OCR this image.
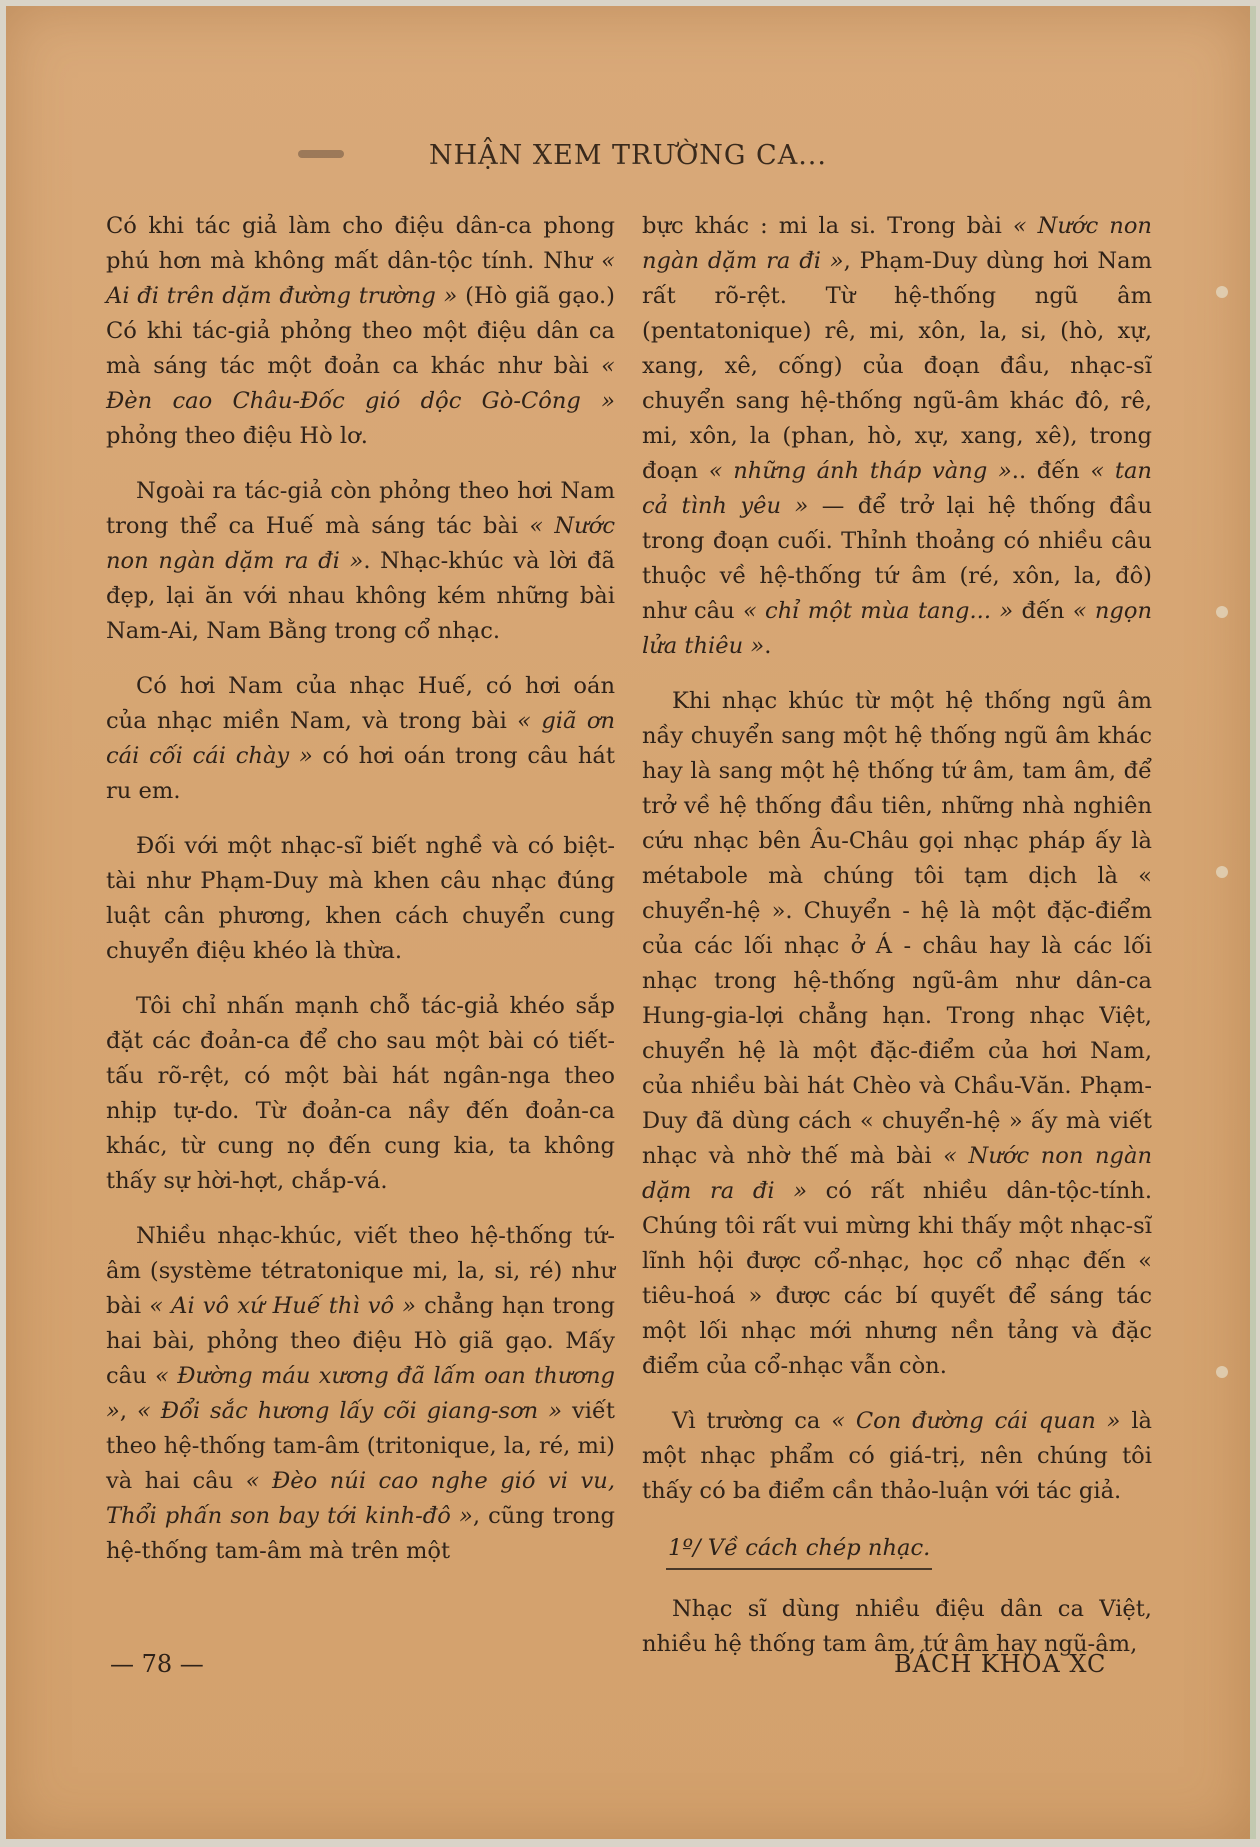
NHẬN XEM TRƯỜNG CA...

Có khi tác giả làm cho điệu dân-ca phong phú hơn mà không mất dân-tộc tính. Như « Ai đi trên dặm đường trường » (Hò giã gạo.) Có khi tác-giả phỏng theo một điệu dân ca mà sáng tác một đoản ca khác như bài « Đèn cao Châu-Đốc gió dộc Gò-Công » phỏng theo điệu Hò lơ.

Ngoài ra tác-giả còn phỏng theo hơi Nam trong thể ca Huế mà sáng tác bài « Nước non ngàn dặm ra đi ». Nhạc-khúc và lời đã đẹp, lại ăn với nhau không kém những bài Nam-Ai, Nam Bằng trong cổ nhạc.

Có hơi Nam của nhạc Huế, có hơi oán của nhạc miền Nam, và trong bài « giã ơn cái cối cái chày » có hơi oán trong câu hát ru em.

Đối với một nhạc-sĩ biết nghề và có biệt-tài như Phạm-Duy mà khen câu nhạc đúng luật cân phương, khen cách chuyển cung chuyển điệu khéo là thừa.

Tôi chỉ nhấn mạnh chỗ tác-giả khéo sắp đặt các đoản-ca để cho sau một bài có tiết-tấu rõ-rệt, có một bài hát ngân-nga theo nhịp tự-do. Từ đoản-ca nầy đến đoản-ca khác, từ cung nọ đến cung kia, ta không thấy sự hời-hợt, chắp-vá.

Nhiều nhạc-khúc, viết theo hệ-thống tứ-âm (système tétratonique mi, la, si, ré) như bài « Ai vô xứ Huế thì vô » chẳng hạn trong hai bài, phỏng theo điệu Hò giã gạo. Mấy câu « Đường máu xương đã lấm oan thương », « Đổi sắc hương lấy cõi giang-sơn » viết theo hệ-thống tam-âm (tritonique, la, ré, mi) và hai câu « Đèo núi cao nghe gió vi vu, Thổi phấn son bay tới kinh-đô », cũng trong hệ-thống tam-âm mà trên một

bực khác : mi la si. Trong bài « Nước non ngàn dặm ra đi », Phạm-Duy dùng hơi Nam rất rõ-rệt. Từ hệ-thống ngũ âm (pentatonique) rê, mi, xôn, la, si, (hò, xự, xang, xê, cống) của đoạn đầu, nhạc-sĩ chuyển sang hệ-thống ngũ-âm khác đô, rê, mi, xôn, la (phan, hò, xự, xang, xê), trong đoạn « những ánh tháp vàng ».. đến « tan cả tình yêu » — để trở lại hệ thống đầu trong đoạn cuối. Thỉnh thoảng có nhiều câu thuộc về hệ-thống tứ âm (ré, xôn, la, đô) như câu « chỉ một mùa tang... » đến « ngọn lửa thiêu ».

Khi nhạc khúc từ một hệ thống ngũ âm nầy chuyển sang một hệ thống ngũ âm khác hay là sang một hệ thống tứ âm, tam âm, để trở về hệ thống đầu tiên, những nhà nghiên cứu nhạc bên Âu-Châu gọi nhạc pháp ấy là métabole mà chúng tôi tạm dịch là « chuyển-hệ ». Chuyển - hệ là một đặc-điểm của các lối nhạc ở Á - châu hay là các lối nhạc trong hệ-thống ngũ-âm như dân-ca Hung-gia-lợi chẳng hạn. Trong nhạc Việt, chuyển hệ là một đặc-điểm của hơi Nam, của nhiều bài hát Chèo và Chầu-Văn. Phạm-Duy đã dùng cách « chuyển-hệ » ấy mà viết nhạc và nhờ thế mà bài « Nước non ngàn dặm ra đi » có rất nhiều dân-tộc-tính. Chúng tôi rất vui mừng khi thấy một nhạc-sĩ lĩnh hội được cổ-nhạc, học cổ nhạc đến « tiêu-hoá » được các bí quyết để sáng tác một lối nhạc mới nhưng nền tảng và đặc điểm của cổ-nhạc vẫn còn.

Vì trường ca « Con đường cái quan » là một nhạc phẩm có giá-trị, nên chúng tôi thấy có ba điểm cần thảo-luận với tác giả.

1º/ Về cách chép nhạc.

Nhạc sĩ dùng nhiều điệu dân ca Việt, nhiều hệ thống tam âm, tứ âm hay ngũ-âm,

— 78 —	BÁCH KHOA XC
